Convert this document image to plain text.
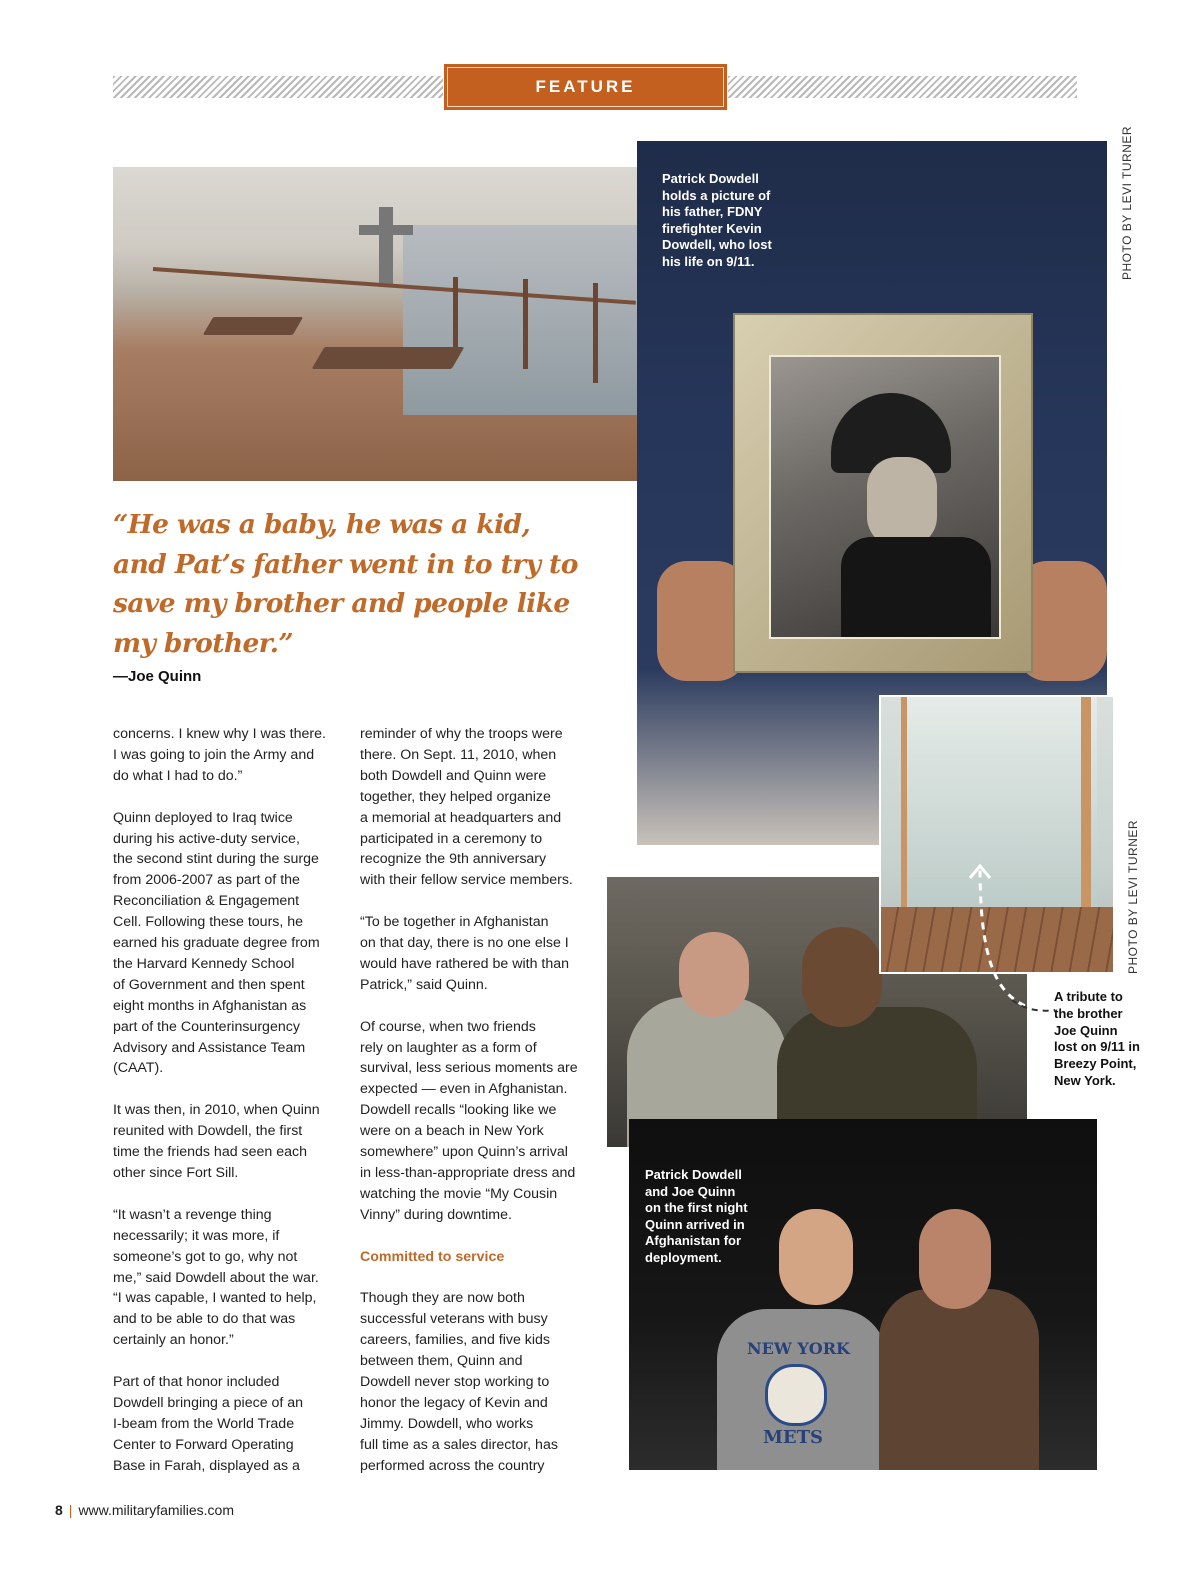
FEATURE
Patrick Dowdell
holds a picture of
his father, FDNY
firefighter Kevin
Dowdell, who lost
his life on 9/11.	PHOTO BY LEVI TURNER
PHOTO BY LEVI TURNER
A tribute to
the brother
Joe Quinn
lost on 9/11 in
Breezy Point,
New York.
NEW YORK
METS
Patrick Dowdell
and Joe Quinn
on the first night
Quinn arrived in
Afghanistan for
deployment.
“He was a baby, he was a kid,
and Pat’s father went in to try to
save my brother and people like
my brother.”
—Joe Quinn

concerns. I knew why I was there.
I was going to join the Army and
do what I had to do.”

Quinn deployed to Iraq twice
during his active-duty service,
the second stint during the surge
from 2006-2007 as part of the
Reconciliation & Engagement
Cell. Following these tours, he
earned his graduate degree from
the Harvard Kennedy School
of Government and then spent
eight months in Afghanistan as
part of the Counterinsurgency
Advisory and Assistance Team
(CAAT).

It was then, in 2010, when Quinn
reunited with Dowdell, the first
time the friends had seen each
other since Fort Sill.

“It wasn’t a revenge thing
necessarily; it was more, if
someone’s got to go, why not
me,” said Dowdell about the war.
“I was capable, I wanted to help,
and to be able to do that was
certainly an honor.”

Part of that honor included
Dowdell bringing a piece of an
I-beam from the World Trade
Center to Forward Operating
Base in Farah, displayed as a

reminder of why the troops were
there. On Sept. 11, 2010, when
both Dowdell and Quinn were
together, they helped organize
a memorial at headquarters and
participated in a ceremony to
recognize the 9th anniversary
with their fellow service members.

“To be together in Afghanistan
on that day, there is no one else I
would have rathered be with than
Patrick,” said Quinn.

Of course, when two friends
rely on laughter as a form of
survival, less serious moments are
expected — even in Afghanistan.
Dowdell recalls “looking like we
were on a beach in New York
somewhere” upon Quinn’s arrival
in less-than-appropriate dress and
watching the movie “My Cousin
Vinny” during downtime.

Committed to service

Though they are now both
successful veterans with busy
careers, families, and five kids
between them, Quinn and
Dowdell never stop working to
honor the legacy of Kevin and
Jimmy. Dowdell, who works
full time as a sales director, has
performed across the country

8 | www.militaryfamilies.com
